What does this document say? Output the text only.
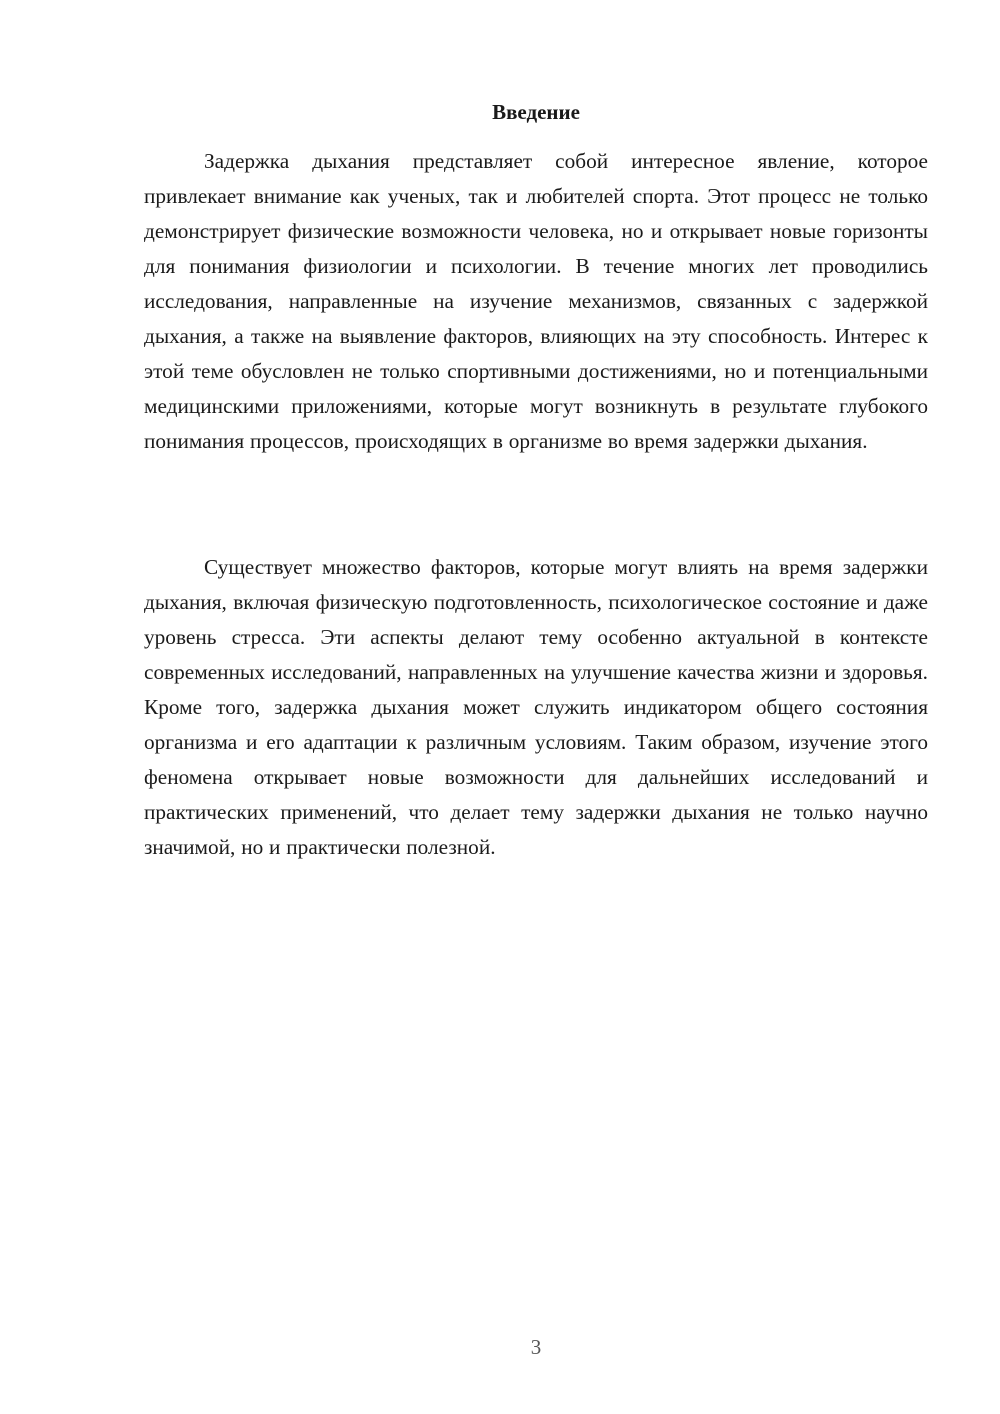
Введение

Задержка дыхания представляет собой интересное явление, которое привлекает внимание как ученых, так и любителей спорта. Этот процесс не только демонстрирует физические возможности человека, но и открывает новые горизонты для понимания физиологии и психологии. В течение многих лет проводились исследования, направленные на изучение механизмов, связанных с задержкой дыхания, а также на выявление факторов, влияющих на эту способность. Интерес к этой теме обусловлен не только спортивными достижениями, но и потенциальными медицинскими приложениями, которые могут возникнуть в результате глубокого понимания процессов, происходящих в организме во время задержки дыхания.

Существует множество факторов, которые могут влиять на время задержки дыхания, включая физическую подготовленность, психологическое состояние и даже уровень стресса. Эти аспекты делают тему особенно актуальной в контексте современных исследований, направленных на улучшение качества жизни и здоровья. Кроме того, задержка дыхания может служить индикатором общего состояния организма и его адаптации к различным условиям. Таким образом, изучение этого феномена открывает новые возможности для дальнейших исследований и практических применений, что делает тему задержки дыхания не только научно значимой, но и практически полезной.

3
